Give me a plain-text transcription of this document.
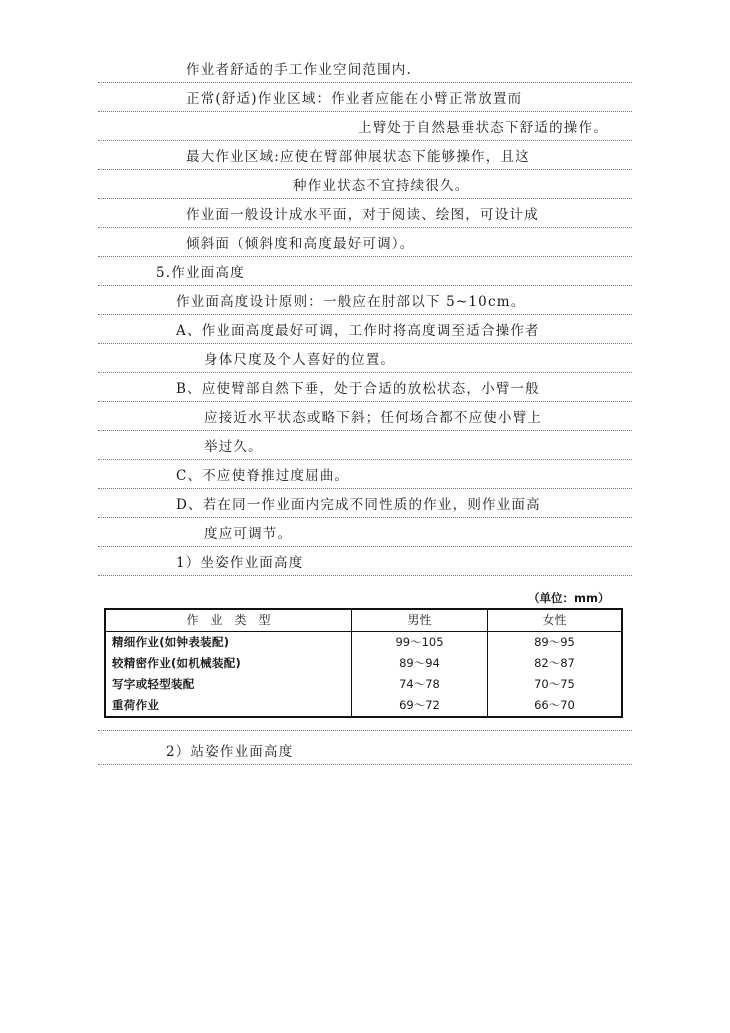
作业者舒适的手工作业空间范围内.
正常(舒适)作业区域：作业者应能在小臂正常放置而
上臂处于自然悬垂状态下舒适的操作。
最大作业区域:应使在臂部伸展状态下能够操作，且这
种作业状态不宜持续很久。
作业面一般设计成水平面，对于阅读、绘图，可设计成
倾斜面（倾斜度和高度最好可调）。
5.作业面高度
作业面高度设计原则：一般应在肘部以下 5~10cm。
A、作业面高度最好可调，工作时将高度调至适合操作者
身体尺度及个人喜好的位置。
B、应使臂部自然下垂，处于合适的放松状态，小臂一般
应接近水平状态或略下斜；任何场合都不应使小臂上
举过久。
C、不应使脊推过度屈曲。
D、若在同一作业面内完成不同性质的作业，则作业面高
度应可调节。
1）坐姿作业面高度
（单位：mm）
作　业　类　型	男性	女性
精细作业(如钟表装配)	99～105	89～95
较精密作业(如机械装配)	89～94	82～87
写字或轻型装配	74～78	70～75
重荷作业	69～72	66～70
2）站姿作业面高度
